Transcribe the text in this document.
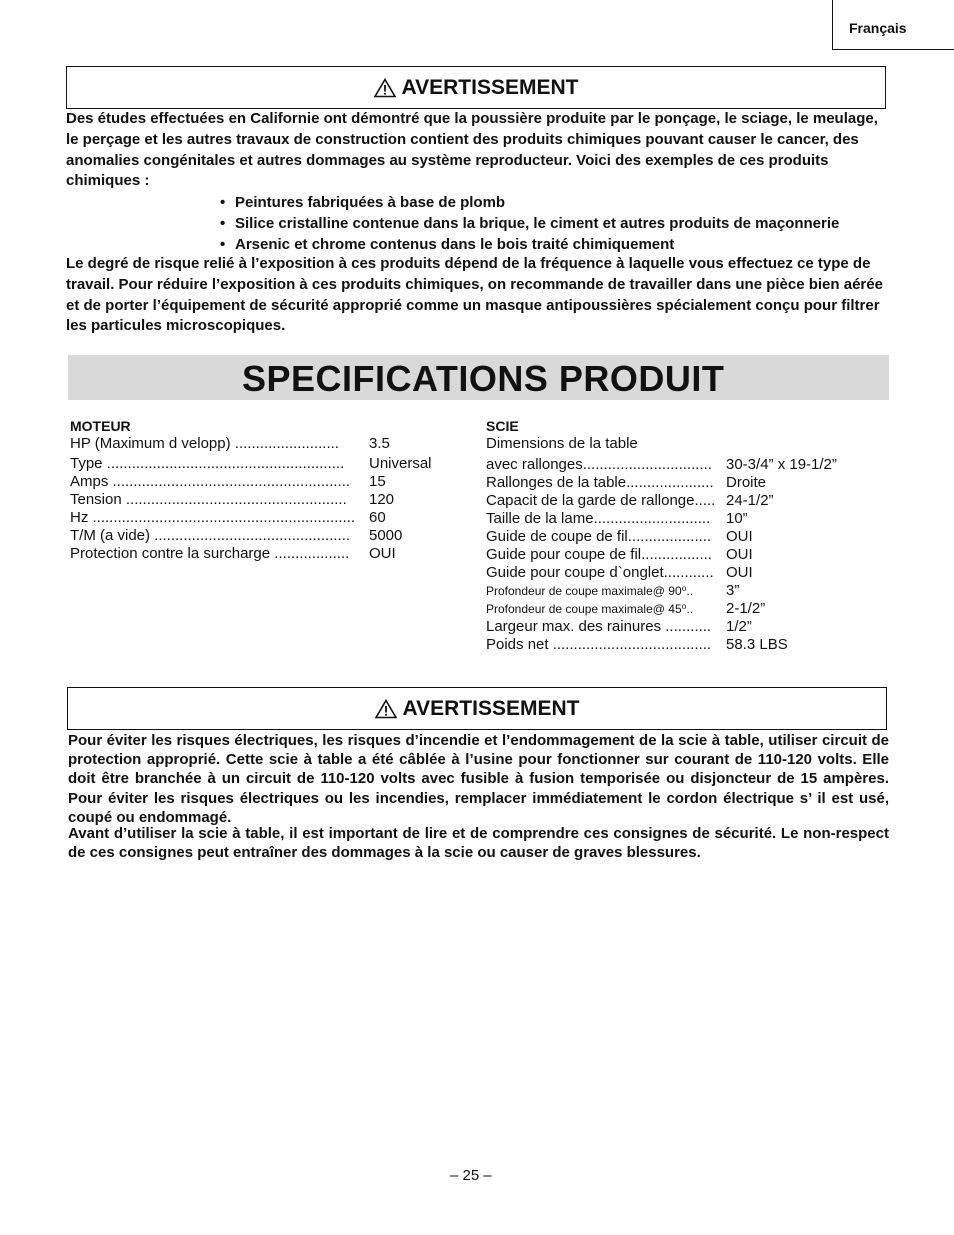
Français
AVERTISSEMENT

Des études effectuées en Californie ont démontré que la poussière produite par le ponçage, le sciage, le meulage, le perçage et les autres travaux de construction contient des produits chimiques pouvant causer le cancer, des anomalies congénitales et autres dommages au système reproducteur. Voici des exemples de ces produits chimiques :

• Peintures fabriquées à base de plomb
• Silice cristalline contenue dans la brique, le ciment et autres produits de maçonnerie
• Arsenic et chrome contenus dans le bois traité chimiquement

Le degré de risque relié à l’exposition à ces produits dépend de la fréquence à laquelle vous effectuez ce type de travail. Pour réduire l’exposition à ces produits chimiques, on recommande de travailler dans une pièce bien aérée et de porter l’équipement de sécurité approprié comme un masque antipoussières spécialement conçu pour filtrer les particules microscopiques.

SPECIFICATIONS PRODUIT
MOTEUR
HP (Maximum d velopp) .........................	3.5
Type .........................................................	Universal
Amps .........................................................	15
Tension .....................................................	120
Hz ............................................................... 60
T/M (a vide) ...............................................	5000
Protection contre la surcharge ..................	OUI
SCIE
Dimensions de la table
avec rallonges............................... 30-3/4” x 19-1/2”
Rallonges de la table..................... Droite
Capacit de la garde de rallonge..... 24-1/2”
Taille de la lame............................	10”
Guide de coupe de fil.................... OUI
Guide pour coupe de fil................. OUI
Guide pour coupe d`onglet............ OUI
Profondeur de coupe maximale@ 90⁰..	3”
Profondeur de coupe maximale@ 45⁰..	2-1/2”
Largeur max. des rainures ........... 1/2”
Poids net ...................................... 58.3 LBS
AVERTISSEMENT

Pour éviter les risques électriques, les risques d’incendie et l’endommagement de la scie à table, utiliser circuit de protection approprié. Cette scie à table a été câblée à l’usine pour fonctionner sur courant de 110-120 volts. Elle doit être branchée à un circuit de 110-120 volts avec fusible à fusion temporisée ou disjoncteur de 15 ampères. Pour éviter les risques électriques ou les incendies, remplacer immédiatement le cordon électrique s’ il est usé, coupé ou endommagé.

Avant d’utiliser la scie à table, il est important de lire et de comprendre ces consignes de sécurité. Le non-respect de ces consignes peut entraîner des dommages à la scie ou causer de graves blessures.

– 25 –
